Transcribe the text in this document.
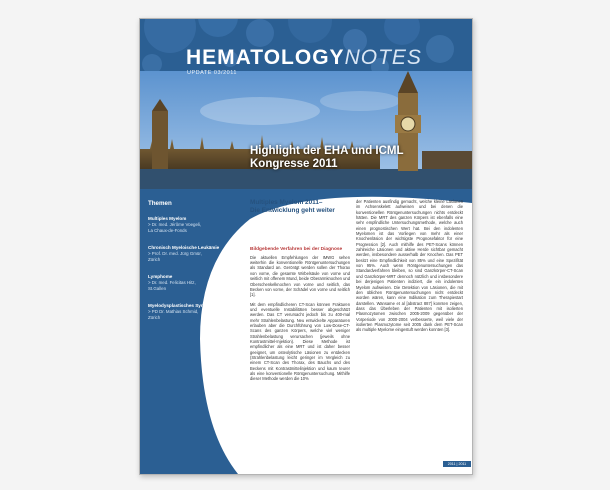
HEMATOLOGYNOTES
UPDATE 03/2011
Highlight der EHA und ICML
Kongresse 2011
Themen
Multiples Myelom
> Dr. med. Jérôme Voegeli,
La Chaux-de-Fonds
Chronisch Myeloische Leukämie
> Prof. Dr. med. Jürg Gmür,
Zürich
Lymphome
> Dr. med. Felicitas Hitz,
St.Gallen
Myelodysplastisches Syndrom
> PD Dr. Mathias Schmid,
Zürich
Multiples Myelom 2011–
Die Entwicklung geht weiter
Bildgebende Verfahren bei der Diagnose

Die aktuellen Empfehlungen der IMWG sehen weiterhin die konventionelle Röntgenuntersuchungen als Standard an. Geröntgt werden sollen der Thorax von vorne, die gesamte Wirbelsäule von vorne und seitlich mit offenem Mund, beide Oberarmknochen und Oberschenkelknochen von vorne und seitlich, das Becken von vorne, der Schädel von vorne und seitlich [1].

Mit dem empfindlicheren CT-Scan können Frakturen und eventuelle Instabilitäten besser abgeschätzt werden. Das CT verursacht jedoch bis zu 400-mal mehr Strahlenbelastung. Neu entwickelte Apparaturen erlauben aber die Durchführung von Low-Dose-CT-Scans des ganzen Körpers, welche viel weniger Strahlenbelastung verursachen (jeweils ohne Kontrastmittel-Injektion). Diese Methode ist empfindlicher als eine MRT und ist daher besser geeignet, um osteolytische Läsionen zu entdecken (Strahlenbelastung leicht geringer im Vergleich zu einem CT-Scan des Thorax, des Bauchs und des Beckens mit Kontrastmittelinjektion und kaum teurer als eine konventionelle Röntgenuntersuchung. Mithilfe dieser Methode werden die 10%

der Patienten ausfindig gemacht, welche kleine Läsionen im Achsenskelett aufweisen und bei denen die konventionellen Röntgenuntersuchungen nichts entdeckt hätten. Die MRT des ganzen Körpers ist ebenfalls eine sehr empfindliche Untersuchungsmethode, welche auch einen prognostischen Wert hat. Bei den indolenten Myelomen ist das Vorliegen von mehr als einer Knochenläsion der wichtigste Prognosefaktor für eine Progression [2]. Auch mithilfe des PET-Scans können zahlreiche Läsionen und aktive Herde sichtbar gemacht werden, insbesondere ausserhalb der Knochen. Das PET besitzt eine Empfindlichkeit von 85% und eine Spezifität von 95%. Auch wenn Röntgenuntersuchungen das Standardverfahren bleiben, so sind Ganzkörper-CT-Scan und Ganzkörper-MRT dennoch nützlich und insbesondere bei derjenigen Patienten indiziert, die ein indolentes Myelom aufweisen. Die Detektion von Läsionen, die mit den üblichen Röntgenuntersuchungen nicht entdeckt worden wären, kann eine Indikation zum Therapiestart darstellen. Wansame et al [abstract 887] konnten zeigen, dass das Überleben der Patienten mit isolierten Plasmozytomen zwischen 2005-2009 gegenüber der Vorperiode von 2000-2004 verbesserte, weil viele der isolierten Plasmozytome seit 2005 dank dem PET-Scan als multiple Myelome eingestuft werden konnten [3].

2011 | 2011
